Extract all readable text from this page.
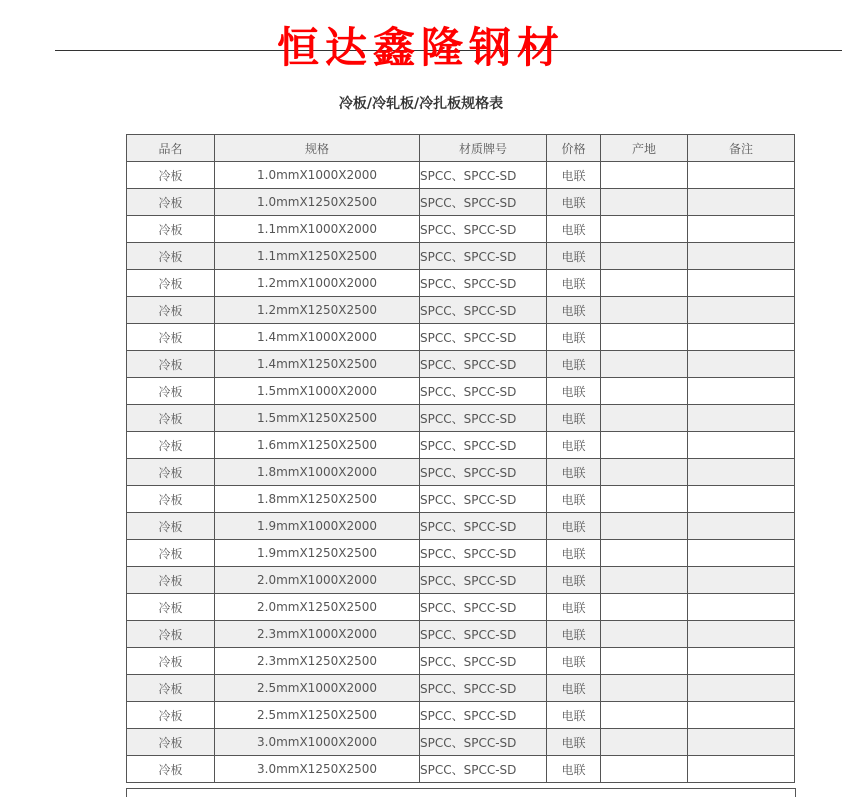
恒达鑫隆钢材
冷板/冷轧板/冷扎板规格表
品名	规格	材质牌号	价格	产地	备注
冷板	1.0mmX1000X2000	SPCC、SPCC-SD	电联		
冷板	1.0mmX1250X2500	SPCC、SPCC-SD	电联		
冷板	1.1mmX1000X2000	SPCC、SPCC-SD	电联		
冷板	1.1mmX1250X2500	SPCC、SPCC-SD	电联		
冷板	1.2mmX1000X2000	SPCC、SPCC-SD	电联		
冷板	1.2mmX1250X2500	SPCC、SPCC-SD	电联		
冷板	1.4mmX1000X2000	SPCC、SPCC-SD	电联		
冷板	1.4mmX1250X2500	SPCC、SPCC-SD	电联		
冷板	1.5mmX1000X2000	SPCC、SPCC-SD	电联		
冷板	1.5mmX1250X2500	SPCC、SPCC-SD	电联		
冷板	1.6mmX1250X2500	SPCC、SPCC-SD	电联		
冷板	1.8mmX1000X2000	SPCC、SPCC-SD	电联		
冷板	1.8mmX1250X2500	SPCC、SPCC-SD	电联		
冷板	1.9mmX1000X2000	SPCC、SPCC-SD	电联		
冷板	1.9mmX1250X2500	SPCC、SPCC-SD	电联		
冷板	2.0mmX1000X2000	SPCC、SPCC-SD	电联		
冷板	2.0mmX1250X2500	SPCC、SPCC-SD	电联		
冷板	2.3mmX1000X2000	SPCC、SPCC-SD	电联		
冷板	2.3mmX1250X2500	SPCC、SPCC-SD	电联		
冷板	2.5mmX1000X2000	SPCC、SPCC-SD	电联		
冷板	2.5mmX1250X2500	SPCC、SPCC-SD	电联		
冷板	3.0mmX1000X2000	SPCC、SPCC-SD	电联		
冷板	3.0mmX1250X2500	SPCC、SPCC-SD	电联		
